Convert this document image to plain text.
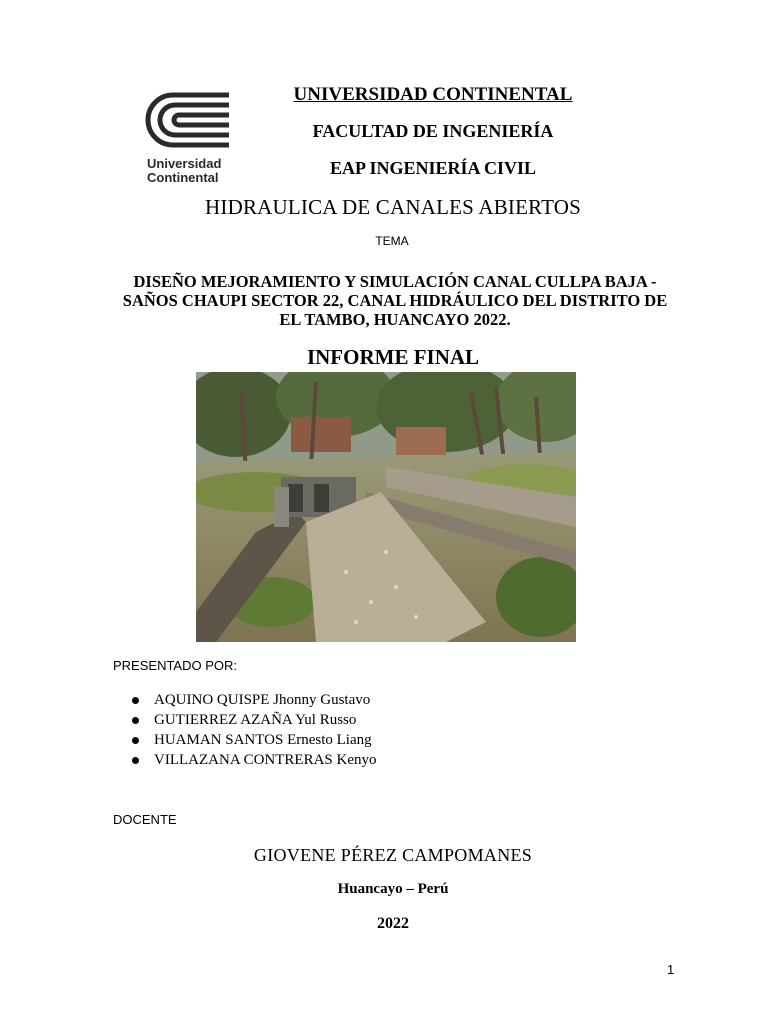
Universidad
Continental
UNIVERSIDAD CONTINENTAL
FACULTAD DE INGENIERÍA
EAP INGENIERÍA CIVIL
HIDRAULICA DE CANALES ABIERTOS
TEMA
DISEÑO MEJORAMIENTO Y SIMULACIÓN CANAL CULLPA BAJA - SAÑOS CHAUPI SECTOR 22, CANAL HIDRÁULICO DEL DISTRITO DE EL TAMBO, HUANCAYO 2022.
INFORME FINAL
PRESENTADO POR:
AQUINO QUISPE Jhonny Gustavo
GUTIERREZ AZAÑA Yul Russo
HUAMAN SANTOS Ernesto Liang
VILLAZANA CONTRERAS Kenyo
DOCENTE
GIOVENE PÉREZ CAMPOMANES
Huancayo – Perú
2022
1
